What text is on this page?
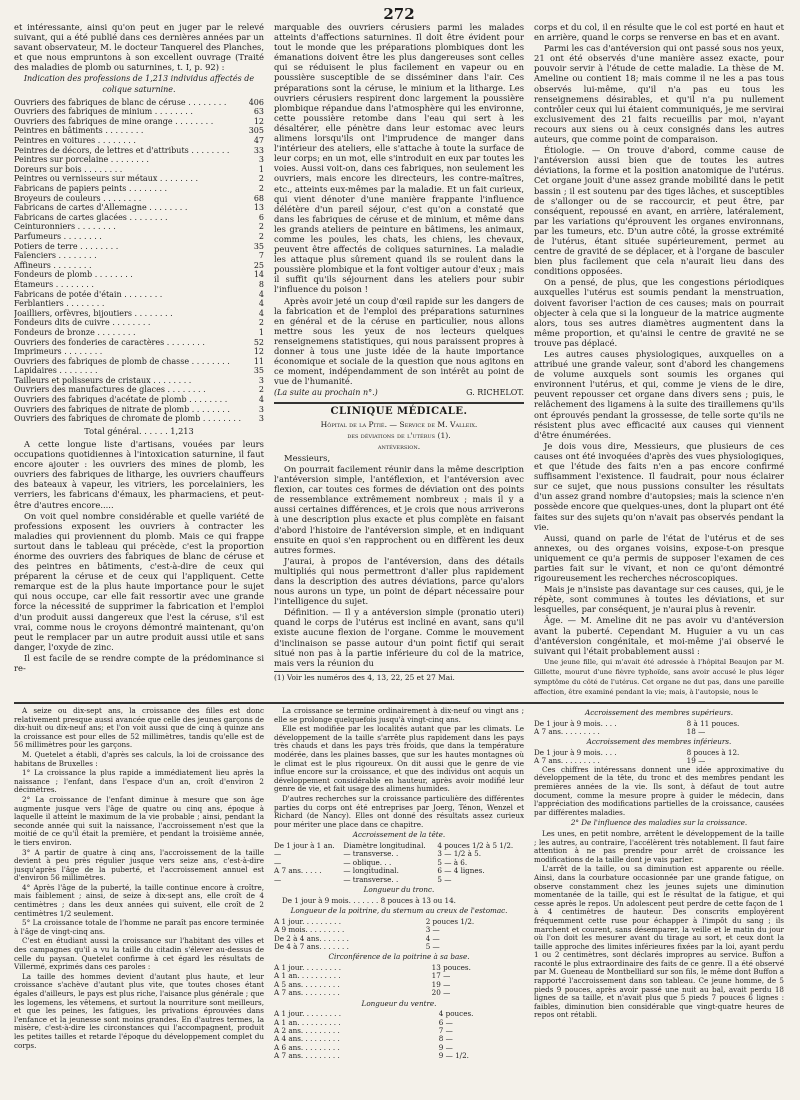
272

et intéressante, ainsi qu'on peut en juger par le relevé suivant, qui a été publié dans ces dernières années par un savant observateur, M. le docteur Tanquerel des Planches, et que nous empruntons à son excellent ouvrage (Traité des maladies de plomb ou saturnines, t. I, p. 92) :

Indication des professions de 1,213 individus affectés de colique saturnine.
Ouvriers des fabriques de blanc de céruse . . . . . . . .	406
Ouvriers des fabriques de minium . . . . . . . .	63
Ouvriers des fabriques de mine orange . . . . . . . .	12
Peintres en bâtiments . . . . . . . .	305
Peintres en voitures . . . . . . . .	47
Peintres de décors, de lettres et d'attributs . . . . . . . .	33
Peintres sur porcelaine . . . . . . . .	3
Doreurs sur bois . . . . . . . .	1
Peintres ou vernisseurs sur métaux . . . . . . . .	2
Fabricans de papiers peints . . . . . . . .	2
Broyeurs de couleurs . . . . . . . .	68
Fabricans de cartes d'Allemagne . . . . . . . .	13
Fabricans de cartes glacées . . . . . . . .	6
Ceinturonniers . . . . . . . .	2
Parfumeurs . . . . . . . .	2
Potiers de terre . . . . . . . .	35
Faïenciers . . . . . . . .	7
Affineurs . . . . . . . .	25
Fondeurs de plomb . . . . . . . .	14
Étameurs . . . . . . . .	8
Fabricans de potée d'étain . . . . . . . .	4
Ferblantiers . . . . . . . .	4
Joailliers, orfèvres, bijoutiers . . . . . . . .	4
Fondeurs dits de cuivre . . . . . . . .	2
Fondeurs de bronze . . . . . . . .	1
Ouvriers des fonderies de caractères . . . . . . . .	52
Imprimeurs . . . . . . . .	12
Ouvriers des fabriques de plomb de chasse . . . . . . . .	11
Lapidaires . . . . . . . .	35
Tailleurs et polisseurs de cristaux . . . . . . . .	3
Ouvriers des manufactures de glaces . . . . . . . .	2
Ouvriers des fabriques d'acétate de plomb . . . . . . . .	4
Ouvriers des fabriques de nitrate de plomb . . . . . . . .	3
Ouvriers des fabriques de chromate de plomb . . . . . . . .	3
Total général. . . . . . 1,213

A cette longue liste d'artisans, vouées par leurs occupations quotidiennes à l'intoxication saturnine, il faut encore ajouter : les ouvriers des mines de plomb, les ouvriers des fabriques de litharge, les ouvriers chauffeurs des bateaux à vapeur, les vitriers, les porcelainiers, les verriers, les fabricans d'émaux, les pharmaciens, et peut-être d'autres encore.....

On voit quel nombre considérable et quelle variété de professions exposent les ouvriers à contracter les maladies qui proviennent du plomb. Mais ce qui frappe surtout dans le tableau qui précède, c'est la proportion énorme des ouvriers des fabriques de blanc de céruse et des peintres en bâtiments, c'est-à-dire de ceux qui préparent la céruse et de ceux qui l'appliquent. Cette remarque est de la plus haute importance pour le sujet qui nous occupe, car elle fait ressortir avec une grande force la nécessité de supprimer la fabrication et l'emploi d'un produit aussi dangereux que l'est la céruse, s'il est vrai, comme nous le croyons démontré maintenant, qu'on peut le remplacer par un autre produit aussi utile et sans danger, l'oxyde de zinc.

Il est facile de se rendre compte de la prédominance si re-

marquable des ouvriers cérusiers parmi les malades atteints d'affections saturnines. Il doit être évident pour tout le monde que les préparations plombiques dont les émanations doivent être les plus dangereuses sont celles qui se réduisent le plus facilement en vapeur ou en poussière susceptible de se disséminer dans l'air. Ces préparations sont la céruse, le minium et la litharge. Les ouvriers cérusiers respirent donc largement la poussière plombique répandue dans l'atmosphère qui les environne, cette poussière retombe dans l'eau qui sert à les désaltérer, elle pénètre dans leur estomac avec leurs alimens lorsqu'ils ont l'imprudence de manger dans l'intérieur des ateliers, elle s'attache à toute la surface de leur corps; en un mot, elle s'introduit en eux par toutes les voies. Aussi voit-on, dans ces fabriques, non seulement les ouvriers, mais encore les directeurs, les contre-maîtres, etc., atteints eux-mêmes par la maladie. Et un fait curieux, qui vient dénoter d'une manière frappante l'influence délétère d'un pareil séjour, c'est qu'on a constaté que dans les fabriques de céruse et de minium, et même dans les grands ateliers de peinture en bâtimens, les animaux, comme les poules, les chats, les chiens, les chevaux, peuvent être affectés de coliques saturnines. La maladie les attaque plus sûrement quand ils se roulent dans la poussière plombique et la font voltiger autour d'eux ; mais il suffit qu'ils séjournent dans les ateliers pour subir l'influence du poison !

Après avoir jeté un coup d'œil rapide sur les dangers de la fabrication et de l'emploi des préparations saturnines en général et de la céruse en particulier, nous allons mettre sous les yeux de nos lecteurs quelques renseignemens statistiques, qui nous paraissent propres à donner à tous une juste idée de la haute importance économique et sociale de la question que nous agitons en ce moment, indépendamment de son intérêt au point de vue de l'humanité.

(La suite au prochain n°.)	G. RICHELOT.
CLINIQUE MÉDICALE.
Hôpital de la Pitié. — Service de M. Valleix.
des déviations de l'utérus (1).
antéversion.

Messieurs,

On pourrait facilement réunir dans la même description l'antéversion simple, l'antéflexion, et l'antéversion avec flexion, car toutes ces formes de déviation ont des points de ressemblance extrêmement nombreux ; mais il y a aussi certaines différences, et je crois que nous arriverons à une description plus exacte et plus complète en faisant d'abord l'histoire de l'antéversion simple, et en indiquant ensuite en quoi s'en rapprochent ou en diffèrent les deux autres formes.

J'aurai, à propos de l'antéversion, dans des détails multipliés qui nous permettront d'aller plus rapidement dans la description des autres déviations, parce qu'alors nous aurons un type, un point de départ nécessaire pour l'intelligence du sujet.

Définition. — Il y a antéversion simple (pronatio uteri) quand le corps de l'utérus est incliné en avant, sans qu'il existe aucune flexion de l'organe. Comme le mouvement d'inclinaison se passe autour d'un point fictif qui serait situé non pas à la partie inférieure du col de la matrice, mais vers la réunion du

(1) Voir les numéros des 4, 13, 22, 25 et 27 Mai.

corps et du col, il en résulte que le col est porté en haut et en arrière, quand le corps se renverse en bas et en avant.

Parmi les cas d'antéversion qui ont passé sous nos yeux, 21 ont été observés d'une manière assez exacte, pour pouvoir servir à l'étude de cette maladie. La thèse de M. Ameline ou contient 18; mais comme il ne les a pas tous observés lui-même, qu'il n'a pas eu tous les renseignemens désirables, et qu'il n'a pu nullement contrôler ceux qui lui étaient communiqués, je me servirai exclusivement des 21 faits recueillis par moi, n'ayant recours aux siens ou à ceux consignés dans les autres auteurs, que comme point de comparaison.

Étiologie. — On trouve d'abord, comme cause de l'antéversion aussi bien que de toutes les autres déviations, la forme et la position anatomique de l'utérus. Cet organe jouit d'une assez grande mobilité dans le petit bassin ; il est soutenu par des tiges lâches, et susceptibles de s'allonger ou de se raccourcir, et peut être, par conséquent, repoussé en avant, en arrière, latéralement, par les variations qu'éprouvent les organes environnans, par les tumeurs, etc. D'un autre côté, la grosse extrémité de l'utérus, étant située supérieurement, permet au centre de gravité de se déplacer, et à l'organe de basculer bien plus facilement que cela n'aurait lieu dans des conditions opposées.

On a pensé, de plus, que les congestions périodiques auxquelles l'utérus est soumis pendant la menstruation, doivent favoriser l'action de ces causes; mais on pourrait objecter à cela que si la longueur de la matrice augmente alors, tous ses autres diamètres augmentent dans la même proportion, et qu'ainsi le centre de gravité ne se trouve pas déplacé.

Les autres causes physiologiques, auxquelles on a attribué une grande valeur, sont d'abord les changemens de volume auxquels sont soumis les organes qui environnent l'utérus, et qui, comme je viens de le dire, peuvent repousser cet organe dans divers sens ; puis, le relâchement des ligamens à la suite des tiraillemens qu'ils ont éprouvés pendant la grossesse, de telle sorte qu'ils ne résistent plus avec efficacité aux causes qui viennent d'être énumérées.

Je dois vous dire, Messieurs, que plusieurs de ces causes ont été invoquées d'après des vues physiologiques, et que l'étude des faits n'en a pas encore confirmé suffisamment l'existence. Il faudrait, pour nous éclairer sur ce sujet, que nous pussions consulter les résultats d'un assez grand nombre d'autopsies; mais la science n'en possède encore que quelques-unes, dont la plupart ont été faites sur des sujets qu'on n'avait pas observés pendant la vie.

Aussi, quand on parle de l'état de l'utérus et de ses annexes, ou des organes voisins, expose-t-on presque uniquement ce qu'a permis de supposer l'examen de ces parties fait sur le vivant, et non ce qu'ont démontré rigoureusement les recherches nécroscopiques.

Mais je n'insiste pas davantage sur ces causes, qui, je le répète, sont communes à toutes les déviations, et sur lesquelles, par conséquent, je n'aurai plus à revenir.

Âge. — M. Ameline dit ne pas avoir vu d'antéversion avant la puberté. Cependant M. Huguier a vu un cas d'antéversion congénitale, et moi-même j'ai observé le suivant qui l'était probablement aussi :

Une jeune fille, qui m'avait été adressée à l'hôpital Beaujon par M. Gillette, mourut d'une fièvre typhoïde, sans avoir accusé le plus léger symptôme du côté de l'utérus. Cet organe ne dut pas, dans une pareille affection, être examiné pendant la vie; mais, à l'autopsie, nous le

A seize ou dix-sept ans, la croissance des filles est donc relativement presque aussi avancée que celle des jeunes garçons de dix-huit ou dix-neuf ans; et l'on voit aussi que de cinq à quinze ans la croissance est pour elles de 52 millimètres, tandis qu'elle est de 56 millimètres pour les garçons.

M. Quetelet a établi, d'après ses calculs, la loi de croissance des habitans de Bruxelles :

1° La croissance la plus rapide a immédiatement lieu après la naissance ; l'enfant, dans l'espace d'un an, croît d'environ 2 décimètres.

2° La croissance de l'enfant diminue à mesure que son âge augmente jusque vers l'âge de quatre ou cinq ans, époque à laquelle il atteint le maximum de la vie probable ; ainsi, pendant la seconde année qui suit la naissance, l'accroissement n'est que la moitié de ce qu'il était la première, et pendant la troisième année, le tiers environ.

3° A partir de quatre à cinq ans, l'accroissement de la taille devient à peu près régulier jusque vers seize ans, c'est-à-dire jusqu'après l'âge de la puberté, et l'accroissement annuel est d'environ 56 millimètres.

4° Après l'âge de la puberté, la taille continue encore à croître, mais faiblement ; ainsi, de seize à dix-sept ans, elle croît de 4 centimètres ; dans les deux années qui suivent, elle croît de 2 centimètres 1/2 seulement.

5° La croissance totale de l'homme ne paraît pas encore terminée à l'âge de vingt-cinq ans.

C'est en étudiant aussi la croissance sur l'habitant des villes et des campagnes qu'il a vu la taille du citadin s'élever au-dessus de celle du paysan. Quetelet confirme à cet égard les résultats de Villermé, exprimés dans ces paroles :

La taille des hommes devient d'autant plus haute, et leur croissance s'achève d'autant plus vite, que toutes choses étant égales d'ailleurs, le pays est plus riche, l'aisance plus générale ; que les logemens, les vêtemens, et surtout la nourriture sont meilleurs, et que les peines, les fatigues, les privations éprouvées dans l'enfance et la jeunesse sont moins grandes. En d'autres termes, la misère, c'est-à-dire les circonstances qui l'accompagnent, produit les petites tailles et retarde l'époque du développement complet du corps.

La croissance se termine ordinairement à dix-neuf ou vingt ans ; elle se prolonge quelquefois jusqu'à vingt-cinq ans.

Elle est modifiée par les localités autant que par les climats. Le développement de la taille s'arrête plus rapidement dans les pays très chauds et dans les pays très froids, que dans la température modérée, dans les plaines basses, que sur les hautes montagnes où le climat est le plus rigoureux. On dit aussi que le genre de vie influe encore sur la croissance, et que des individus ont acquis un développement considérable en hauteur, après avoir modifié leur genre de vie, et fait usage des alimens humides.

D'autres recherches sur la croissance particulière des différentes parties du corps ont été entreprises par Joerg, Ténon, Wenzel et Richard (de Nancy). Elles ont donné des résultats assez curieux pour mériter une place dans ce chapitre.

Accroissement de la tête.

De 1 jour à 1 an.	Diamètre longitudinal.	4 pouces 1/2 à 5 1/2.
—	— transverse. .	3 — 1/2 à 5.
—	— oblique. . .	5 — à 6.
A 7 ans. . . . .	— longitudinal.	6 — 4 lignes.
—	— transverse. .	5 —

Longueur du tronc.

De 1 jour à 9 mois. . . . . . . 8 pouces à 13 ou 14.

Longueur de la poitrine, du sternum au creux de l'estomac.

A 1 jour. . . . . . . . .	2 pouces 1/2.
A 9 mois. . . . . . . . .	3 —
De 2 à 4 ans. . . . . . .	4 —
De 4 à 7 ans. . . . . . .	5 —

Circonférence de la poitrine à sa base.

A 1 jour. . . . . . . . .	13 pouces.
A 1 an. . . . . . . . . .	17 —
A 5 ans. . . . . . . . .	19 —
A 7 ans. . . . . . . . .	20 —

Longueur du ventre.

A 1 jour. . . . . . . . .	4 pouces.
A 1 an. . . . . . . . . .	6 —
A 2 ans. . . . . . . . .	7 —
A 4 ans. . . . . . . . .	8 —
A 6 ans. . . . . . . . .	9 —
A 7 ans. . . . . . . . .	9 — 1/2.

Accroissement des membres supérieurs.

De 1 jour à 9 mois. . . .	8 à 11 pouces.
A 7 ans. . . . . . . . .	18 —

Accroissement des membres inférieurs.

De 1 jour à 9 mois. . . .	8 pouces à 12.
A 7 ans. . . . . . . . .	19 —

Ces chiffres intéressans donnent une idée approximative du développement de la tête, du tronc et des membres pendant les premières années de la vie. Ils sont, à défaut de tout autre document, comme la mesure propre à guider le médecin, dans l'appréciation des modifications partielles de la croissance, causées par différentes maladies.

2° De l'influence des maladies sur la croissance.

Les unes, en petit nombre, arrêtent le développement de la taille ; les autres, au contraire, l'accélèrent très notablement. Il faut faire attention à ne pas prendre pour arrêt de croissance les modifications de la taille dont je vais parler.

L'arrêt de la taille, ou sa diminution est apparente ou réelle. Ainsi, dans la courbature occasionnée par une grande fatigue, on observe constamment chez les jeunes sujets une diminution momentanée de la taille, qui est le résultat de la fatigue, et qui cesse après le repos. Un adolescent peut perdre de cette façon de 1 à 4 centimètres de hauteur. Des conscrits employèrent fréquemment cette ruse pour échapper à l'impôt du sang ; ils marchent et courent, sans désemparer, la veille et le matin du jour où l'on doit les mesurer avant du tirage au sort, et ceux dont la taille approche des limites inférieures fixées par la loi, ayant perdu 1 ou 2 centimètres, sont déclarés impropres au service. Buffon a raconté le plus extraordinaire des faits de ce genre. Il a été observé par M. Gueneau de Montbelliard sur son fils, le même dont Buffon a rapporté l'accroissement dans son tableau. Ce jeune homme, de 5 pieds 9 pouces, après avoir passé une nuit au bal, avait perdu 18 lignes de sa taille, et n'avait plus que 5 pieds 7 pouces 6 lignes : faibles, diminution bien considérable que vingt-quatre heures de repos ont rétabli.
